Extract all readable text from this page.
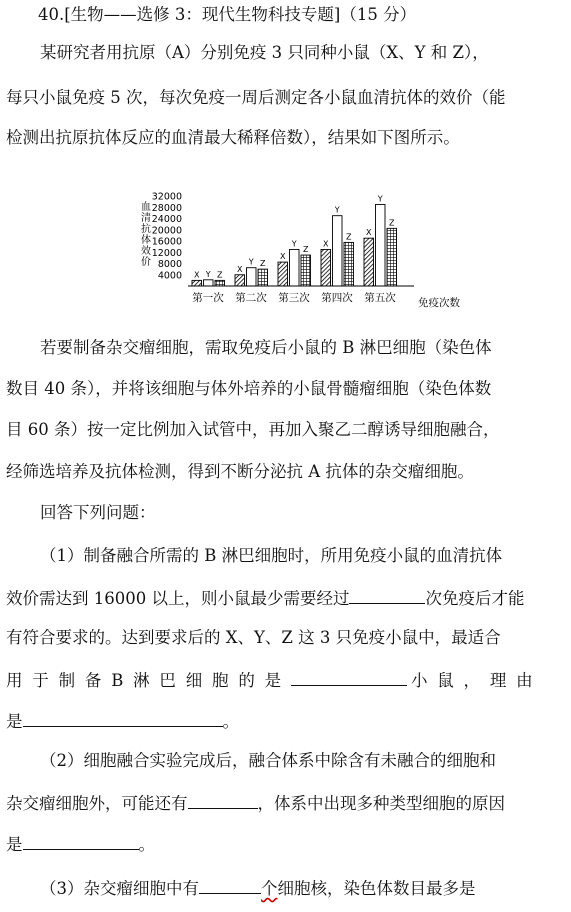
40.[生物——选修 3：现代生物科技专题]（15 分）
某研究者用抗原（A）分别免疫 3 只同种小鼠（X、Y 和 Z），
每只小鼠免疫 5 次，每次免疫一周后测定各小鼠血清抗体的效价（能
检测出抗原抗体反应的血清最大稀释倍数），结果如下图所示。
血
清
抗
体
效
价
4000
8000
12000
16000
20000
24000
28000
32000
X Y Z
X
Y Z
X
Y
Z
X
Y
Z X
Y
Z
第一次 第二次 第三次 第四次 第五次 免疫次数
若要制备杂交瘤细胞，需取免疫后小鼠的 B 淋巴细胞（染色体
数目 40 条），并将该细胞与体外培养的小鼠骨髓瘤细胞（染色体数
目 60 条）按一定比例加入试管中，再加入聚乙二醇诱导细胞融合，
经筛选培养及抗体检测，得到不断分泌抗 A 抗体的杂交瘤细胞。
回答下列问题：
（1）制备融合所需的 B 淋巴细胞时，所用免疫小鼠的血清抗体
效价需达到 16000 以上，则小鼠最少需要经过	次免疫后才能
有符合要求的。达到要求后的 X、Y、Z 这 3 只免疫小鼠中，最适合
用于制备B淋巴细胞的是	小鼠，理由
是	。
（2）细胞融合实验完成后，融合体系中除含有未融合的细胞和
杂交瘤细胞外，可能还有	，体系中出现多种类型细胞的原因
是	。
（3）杂交瘤细胞中有	个细胞核，染色体数目最多是
